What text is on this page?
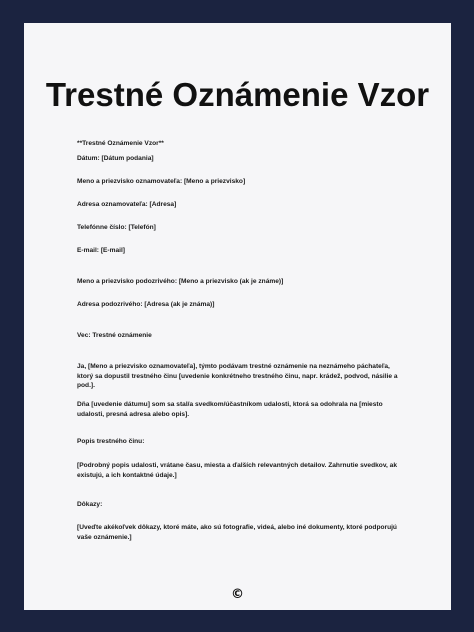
Trestné Oznámenie Vzor
**Trestné Oznámenie Vzor**
Dátum: [Dátum podania]
Meno a priezvisko oznamovateľa: [Meno a priezvisko]
Adresa oznamovateľa: [Adresa]
Telefónne číslo: [Telefón]
E-mail: [E-mail]
Meno a priezvisko podozrivého: [Meno a priezvisko (ak je známe)]
Adresa podozrivého: [Adresa (ak je známa)]
Vec: Trestné oznámenie
Ja, [Meno a priezvisko oznamovateľa], týmto podávam trestné oznámenie na neznámeho páchateľa, ktorý sa dopustil trestného činu [uvedenie konkrétneho trestného činu, napr. krádež, podvod, násilie a pod.].
Dňa [uvedenie dátumu] som sa stal/a svedkom/účastníkom udalosti, ktorá sa odohrala na [miesto udalosti, presná adresa alebo opis].
Popis trestného činu:
[Podrobný popis udalosti, vrátane času, miesta a ďalších relevantných detailov. Zahrnutie svedkov, ak existujú, a ich kontaktné údaje.]
Dôkazy:
[Uveďte akékoľvek dôkazy, ktoré máte, ako sú fotografie, videá, alebo iné dokumenty, ktoré podporujú vaše oznámenie.]
©
